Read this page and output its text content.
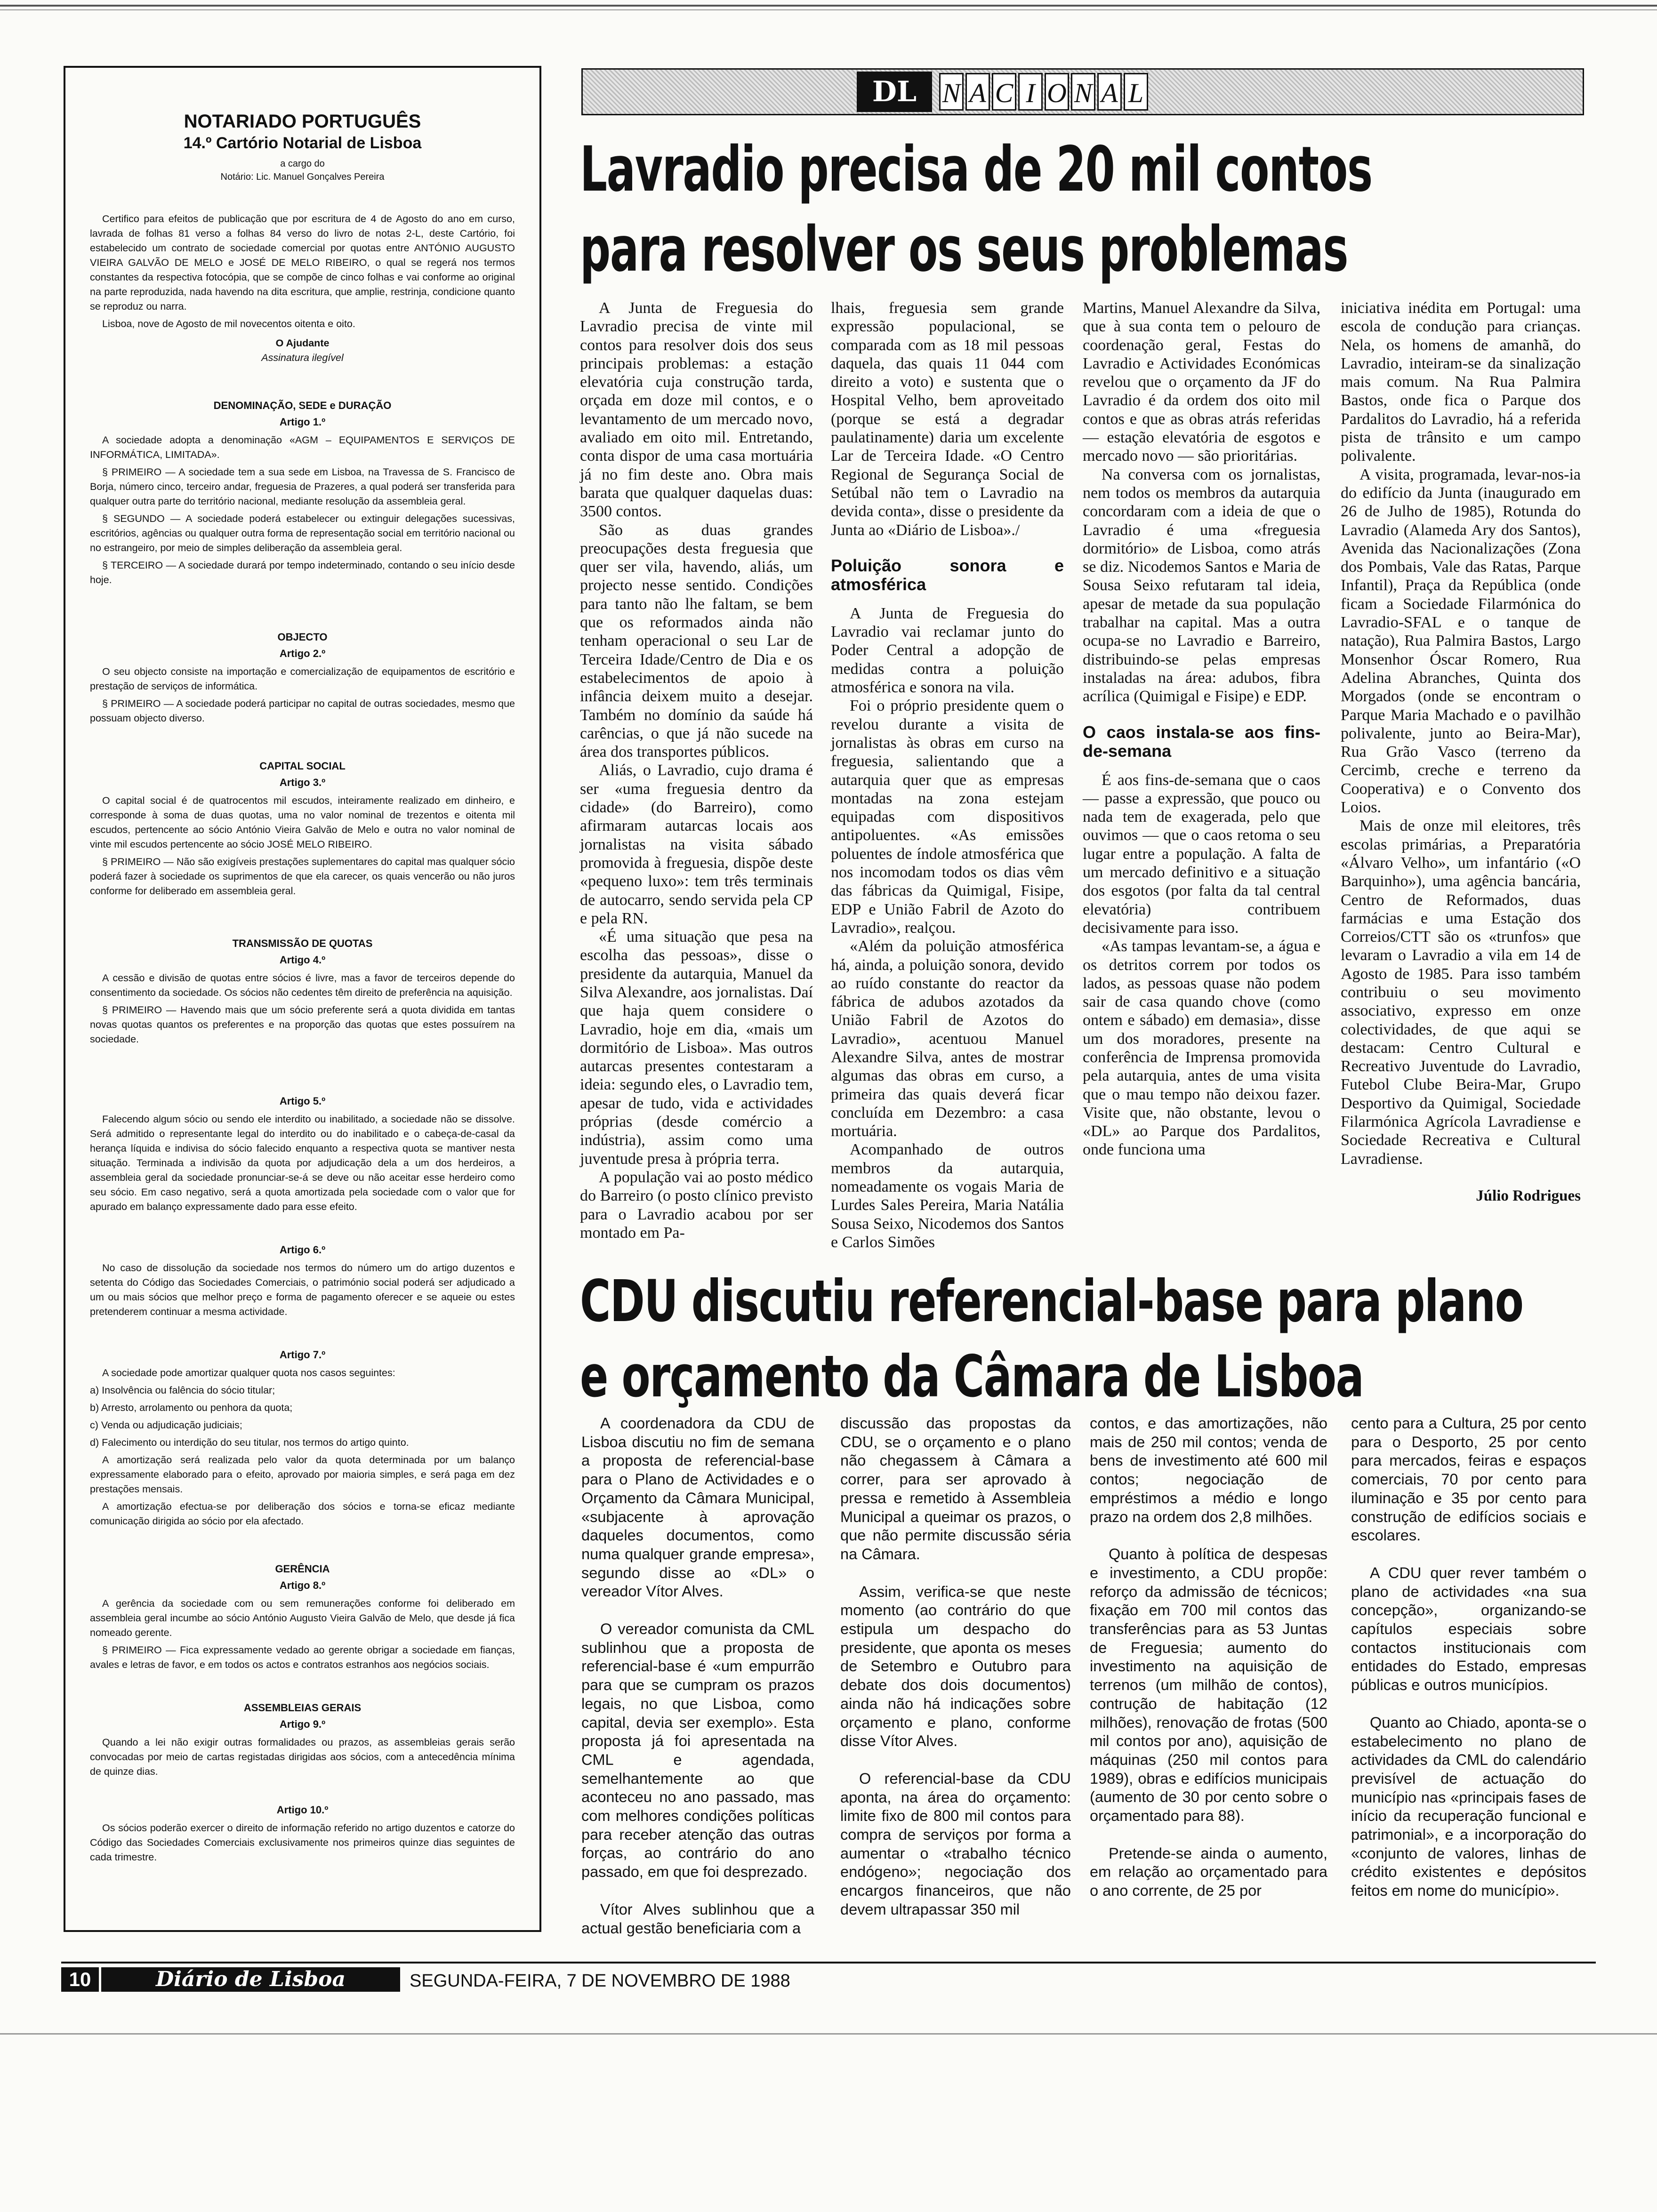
NOTARIADO PORTUGUÊS

14.º Cartório Notarial de Lisboa

a cargo do

Notário: Lic. Manuel Gonçalves Pereira

Certifico para efeitos de publicação que por escritura de 4 de Agosto do ano em curso, lavrada de folhas 81 verso a folhas 84 verso do livro de notas 2-L, deste Cartório, foi estabelecido um contrato de sociedade comercial por quotas entre ANTÓNIO AUGUSTO VIEIRA GALVÃO DE MELO e JOSÉ DE MELO RIBEIRO, o qual se regerá nos termos constantes da respectiva fotocópia, que se compõe de cinco folhas e vai conforme ao original na parte reproduzida, nada havendo na dita escritura, que amplie, restrinja, condicione quanto se reproduz ou narra.

Lisboa, nove de Agosto de mil novecentos oitenta e oito.

O Ajudante

Assinatura ilegível

DENOMINAÇÃO, SEDE e DURAÇÃO

Artigo 1.º

A sociedade adopta a denominação «AGM – EQUIPAMENTOS E SERVIÇOS DE INFORMÁTICA, LIMITADA».

§ PRIMEIRO — A sociedade tem a sua sede em Lisboa, na Travessa de S. Francisco de Borja, número cinco, terceiro andar, freguesia de Prazeres, a qual poderá ser transferida para qualquer outra parte do território nacional, mediante resolução da assembleia geral.

§ SEGUNDO — A sociedade poderá estabelecer ou extinguir delegações sucessivas, escritórios, agências ou qualquer outra forma de representação social em território nacional ou no estrangeiro, por meio de simples deliberação da assembleia geral.

§ TERCEIRO — A sociedade durará por tempo indeterminado, contando o seu início desde hoje.

OBJECTO

Artigo 2.º

O seu objecto consiste na importação e comercialização de equipamentos de escritório e prestação de serviços de informática.

§ PRIMEIRO — A sociedade poderá participar no capital de outras sociedades, mesmo que possuam objecto diverso.

CAPITAL SOCIAL

Artigo 3.º

O capital social é de quatrocentos mil escudos, inteiramente realizado em dinheiro, e corresponde à soma de duas quotas, uma no valor nominal de trezentos e oitenta mil escudos, pertencente ao sócio António Vieira Galvão de Melo e outra no valor nominal de vinte mil escudos pertencente ao sócio JOSÉ MELO RIBEIRO.

§ PRIMEIRO — Não são exigíveis prestações suplementares do capital mas qualquer sócio poderá fazer à sociedade os suprimentos de que ela carecer, os quais vencerão ou não juros conforme for deliberado em assembleia geral.

TRANSMISSÃO DE QUOTAS

Artigo 4.º

A cessão e divisão de quotas entre sócios é livre, mas a favor de terceiros depende do consentimento da sociedade. Os sócios não cedentes têm direito de preferência na aquisição.

§ PRIMEIRO — Havendo mais que um sócio preferente será a quota dividida em tantas novas quotas quantos os preferentes e na proporção das quotas que estes possuírem na sociedade.

Artigo 5.º

Falecendo algum sócio ou sendo ele interdito ou inabilitado, a sociedade não se dissolve. Será admitido o representante legal do interdito ou do inabilitado e o cabeça-de-casal da herança líquida e indivisa do sócio falecido enquanto a respectiva quota se mantiver nesta situação. Terminada a indivisão da quota por adjudicação dela a um dos herdeiros, a assembleia geral da sociedade pronunciar-se-á se deve ou não aceitar esse herdeiro como seu sócio. Em caso negativo, será a quota amortizada pela sociedade com o valor que for apurado em balanço expressamente dado para esse efeito.

Artigo 6.º

No caso de dissolução da sociedade nos termos do número um do artigo duzentos e setenta do Código das Sociedades Comerciais, o património social poderá ser adjudicado a um ou mais sócios que melhor preço e forma de pagamento oferecer e se aqueie ou estes pretenderem continuar a mesma actividade.

Artigo 7.º

A sociedade pode amortizar qualquer quota nos casos seguintes:

a) Insolvência ou falência do sócio titular;

b) Arresto, arrolamento ou penhora da quota;

c) Venda ou adjudicação judiciais;

d) Falecimento ou interdição do seu titular, nos termos do artigo quinto.

A amortização será realizada pelo valor da quota determinada por um balanço expressamente elaborado para o efeito, aprovado por maioria simples, e será paga em dez prestações mensais.

A amortização efectua-se por deliberação dos sócios e torna-se eficaz mediante comunicação dirigida ao sócio por ela afectado.

GERÊNCIA

Artigo 8.º

A gerência da sociedade com ou sem remunerações conforme foi deliberado em assembleia geral incumbe ao sócio António Augusto Vieira Galvão de Melo, que desde já fica nomeado gerente.

§ PRIMEIRO — Fica expressamente vedado ao gerente obrigar a sociedade em fianças, avales e letras de favor, e em todos os actos e contratos estranhos aos negócios sociais.

ASSEMBLEIAS GERAIS

Artigo 9.º

Quando a lei não exigir outras formalidades ou prazos, as assembleias gerais serão convocadas por meio de cartas registadas dirigidas aos sócios, com a antecedência mínima de quinze dias.

Artigo 10.º

Os sócios poderão exercer o direito de informação referido no artigo duzentos e catorze do Código das Sociedades Comerciais exclusivamente nos primeiros quinze dias seguintes de cada trimestre.

DL N A C I O N A L
Lavradio precisa de 20 mil contos
para resolver os seus problemas

A Junta de Freguesia do Lavradio precisa de vinte mil contos para resolver dois dos seus principais problemas: a estação elevatória cuja construção tarda, orçada em doze mil contos, e o levantamento de um mercado novo, avaliado em oito mil. Entretando, conta dispor de uma casa mortuária já no fim deste ano. Obra mais barata que qualquer daquelas duas: 3500 contos.

São as duas grandes preocupações desta freguesia que quer ser vila, havendo, aliás, um projecto nesse sentido. Condições para tanto não lhe faltam, se bem que os reformados ainda não tenham operacional o seu Lar de Terceira Idade/Centro de Dia e os estabelecimentos de apoio à infância deixem muito a desejar. Também no domínio da saúde há carências, o que já não sucede na área dos transportes públicos.

Aliás, o Lavradio, cujo drama é ser «uma freguesia dentro da cidade» (do Barreiro), como afirmaram autarcas locais aos jornalistas na visita sábado promovida à freguesia, dispõe deste «pequeno luxo»: tem três terminais de autocarro, sendo servida pela CP e pela RN.

«É uma situação que pesa na escolha das pessoas», disse o presidente da autarquia, Manuel da Silva Alexandre, aos jornalistas. Daí que haja quem considere o Lavradio, hoje em dia, «mais um dormitório de Lisboa». Mas outros autarcas presentes contestaram a ideia: segundo eles, o Lavradio tem, apesar de tudo, vida e actividades próprias (desde comércio a indústria), assim como uma juventude presa à própria terra.

A população vai ao posto médico do Barreiro (o posto clínico previsto para o Lavradio acabou por ser montado em Pa-

lhais, freguesia sem grande expressão populacional, se comparada com as 18 mil pessoas daquela, das quais 11 044 com direito a voto) e sustenta que o Hospital Velho, bem aproveitado (porque se está a degradar paulatinamente) daria um excelente Lar de Terceira Idade. «O Centro Regional de Segurança Social de Setúbal não tem o Lavradio na devida conta», disse o presidente da Junta ao «Diário de Lisboa»./

Poluição sonora e atmosférica

A Junta de Freguesia do Lavradio vai reclamar junto do Poder Central a adopção de medidas contra a poluição atmosférica e sonora na vila.

Foi o próprio presidente quem o revelou durante a visita de jornalistas às obras em curso na freguesia, salientando que a autarquia quer que as empresas montadas na zona estejam equipadas com dispositivos antipoluentes. «As emissões poluentes de índole atmosférica que nos incomodam todos os dias vêm das fábricas da Quimigal, Fisipe, EDP e União Fabril de Azoto do Lavradio», realçou.

«Além da poluição atmosférica há, ainda, a poluição sonora, devido ao ruído constante do reactor da fábrica de adubos azotados da União Fabril de Azotos do Lavradio», acentuou Manuel Alexandre Silva, antes de mostrar algumas das obras em curso, a primeira das quais deverá ficar concluída em Dezembro: a casa mortuária.

Acompanhado de outros membros da autarquia, nomeadamente os vogais Maria de Lurdes Sales Pereira, Maria Natália Sousa Seixo, Nicodemos dos Santos e Carlos Simões

Martins, Manuel Alexandre da Silva, que à sua conta tem o pelouro de coordenação geral, Festas do Lavradio e Actividades Económicas revelou que o orçamento da JF do Lavradio é da ordem dos oito mil contos e que as obras atrás referidas — estação elevatória de esgotos e mercado novo — são prioritárias.

Na conversa com os jornalistas, nem todos os membros da autarquia concordaram com a ideia de que o Lavradio é uma «freguesia dormitório» de Lisboa, como atrás se diz. Nicodemos Santos e Maria de Sousa Seixo refutaram tal ideia, apesar de metade da sua população trabalhar na capital. Mas a outra ocupa-se no Lavradio e Barreiro, distribuindo-se pelas empresas instaladas na área: adubos, fibra acrílica (Quimigal e Fisipe) e EDP.

O caos instala-se aos fins-de-semana

É aos fins-de-semana que o caos — passe a expressão, que pouco ou nada tem de exagerada, pelo que ouvimos — que o caos retoma o seu lugar entre a população. A falta de um mercado definitivo e a situação dos esgotos (por falta da tal central elevatória) contribuem decisivamente para isso.

«As tampas levantam-se, a água e os detritos correm por todos os lados, as pessoas quase não podem sair de casa quando chove (como ontem e sábado) em demasia», disse um dos moradores, presente na conferência de Imprensa promovida pela autarquia, antes de uma visita que o mau tempo não deixou fazer. Visite que, não obstante, levou o «DL» ao Parque dos Pardalitos, onde funciona uma

iniciativa inédita em Portugal: uma escola de condução para crianças. Nela, os homens de amanhã, do Lavradio, inteiram-se da sinalização mais comum. Na Rua Palmira Bastos, onde fica o Parque dos Pardalitos do Lavradio, há a referida pista de trânsito e um campo polivalente.

A visita, programada, levar-nos-ia do edifício da Junta (inaugurado em 26 de Julho de 1985), Rotunda do Lavradio (Alameda Ary dos Santos), Avenida das Nacionalizações (Zona dos Pombais, Vale das Ratas, Parque Infantil), Praça da República (onde ficam a Sociedade Filarmónica do Lavradio-SFAL e o tanque de natação), Rua Palmira Bastos, Largo Monsenhor Óscar Romero, Rua Adelina Abranches, Quinta dos Morgados (onde se encontram o Parque Maria Machado e o pavilhão polivalente, junto ao Beira-Mar), Rua Grão Vasco (terreno da Cercimb, creche e terreno da Cooperativa) e o Convento dos Loios.

Mais de onze mil eleitores, três escolas primárias, a Preparatória «Álvaro Velho», um infantário («O Barquinho»), uma agência bancária, Centro de Reformados, duas farmácias e uma Estação dos Correios/CTT são os «trunfos» que levaram o Lavradio a vila em 14 de Agosto de 1985. Para isso também contribuiu o seu movimento associativo, expresso em onze colectividades, de que aqui se destacam: Centro Cultural e Recreativo Juventude do Lavradio, Futebol Clube Beira-Mar, Grupo Desportivo da Quimigal, Sociedade Filarmónica Agrícola Lavradiense e Sociedade Recreativa e Cultural Lavradiense.

Júlio Rodrigues

CDU discutiu referencial-base para plano
e orçamento da Câmara de Lisboa

A coordenadora da CDU de Lisboa discutiu no fim de semana a proposta de referencial-base para o Plano de Actividades e o Orçamento da Câmara Municipal, «subjacente à aprovação daqueles documentos, como numa qualquer grande empresa», segundo disse ao «DL» o vereador Vítor Alves.

O vereador comunista da CML sublinhou que a proposta de referencial-base é «um empurrão para que se cumpram os prazos legais, no que Lisboa, como capital, devia ser exemplo». Esta proposta já foi apresentada na CML e agendada, semelhantemente ao que aconteceu no ano passado, mas com melhores condições políticas para receber atenção das outras forças, ao contrário do ano passado, em que foi desprezado.

Vítor Alves sublinhou que a actual gestão beneficiaria com a

discussão das propostas da CDU, se o orçamento e o plano não chegassem à Câmara a correr, para ser aprovado à pressa e remetido à Assembleia Municipal a queimar os prazos, o que não permite discussão séria na Câmara.

Assim, verifica-se que neste momento (ao contrário do que estipula um despacho do presidente, que aponta os meses de Setembro e Outubro para debate dos dois documentos) ainda não há indicações sobre orçamento e plano, conforme disse Vítor Alves.

O referencial-base da CDU aponta, na área do orçamento: limite fixo de 800 mil contos para compra de serviços por forma a aumentar o «trabalho técnico endógeno»; negociação dos encargos financeiros, que não devem ultrapassar 350 mil

contos, e das amortizações, não mais de 250 mil contos; venda de bens de investimento até 600 mil contos; negociação de empréstimos a médio e longo prazo na ordem dos 2,8 milhões.

Quanto à política de despesas e investimento, a CDU propõe: reforço da admissão de técnicos; fixação em 700 mil contos das transferências para as 53 Juntas de Freguesia; aumento do investimento na aquisição de terrenos (um milhão de contos), contrução de habitação (12 milhões), renovação de frotas (500 mil contos por ano), aquisição de máquinas (250 mil contos para 1989), obras e edifícios municipais (aumento de 30 por cento sobre o orçamentado para 88).

Pretende-se ainda o aumento, em relação ao orçamentado para o ano corrente, de 25 por

cento para a Cultura, 25 por cento para o Desporto, 25 por cento para mercados, feiras e espaços comerciais, 70 por cento para iluminação e 35 por cento para construção de edifícios sociais e escolares.

A CDU quer rever também o plano de actividades «na sua concepção», organizando-se capítulos especiais sobre contactos institucionais com entidades do Estado, empresas públicas e outros municípios.

Quanto ao Chiado, aponta-se o estabelecimento no plano de actividades da CML do calendário previsível de actuação do município nas «principais fases de início da recuperação funcional e patrimonial», e a incorporação do «conjunto de valores, linhas de crédito existentes e depósitos feitos em nome do município».

10	Diário de Lisboa	SEGUNDA-FEIRA, 7 DE NOVEMBRO DE 1988
